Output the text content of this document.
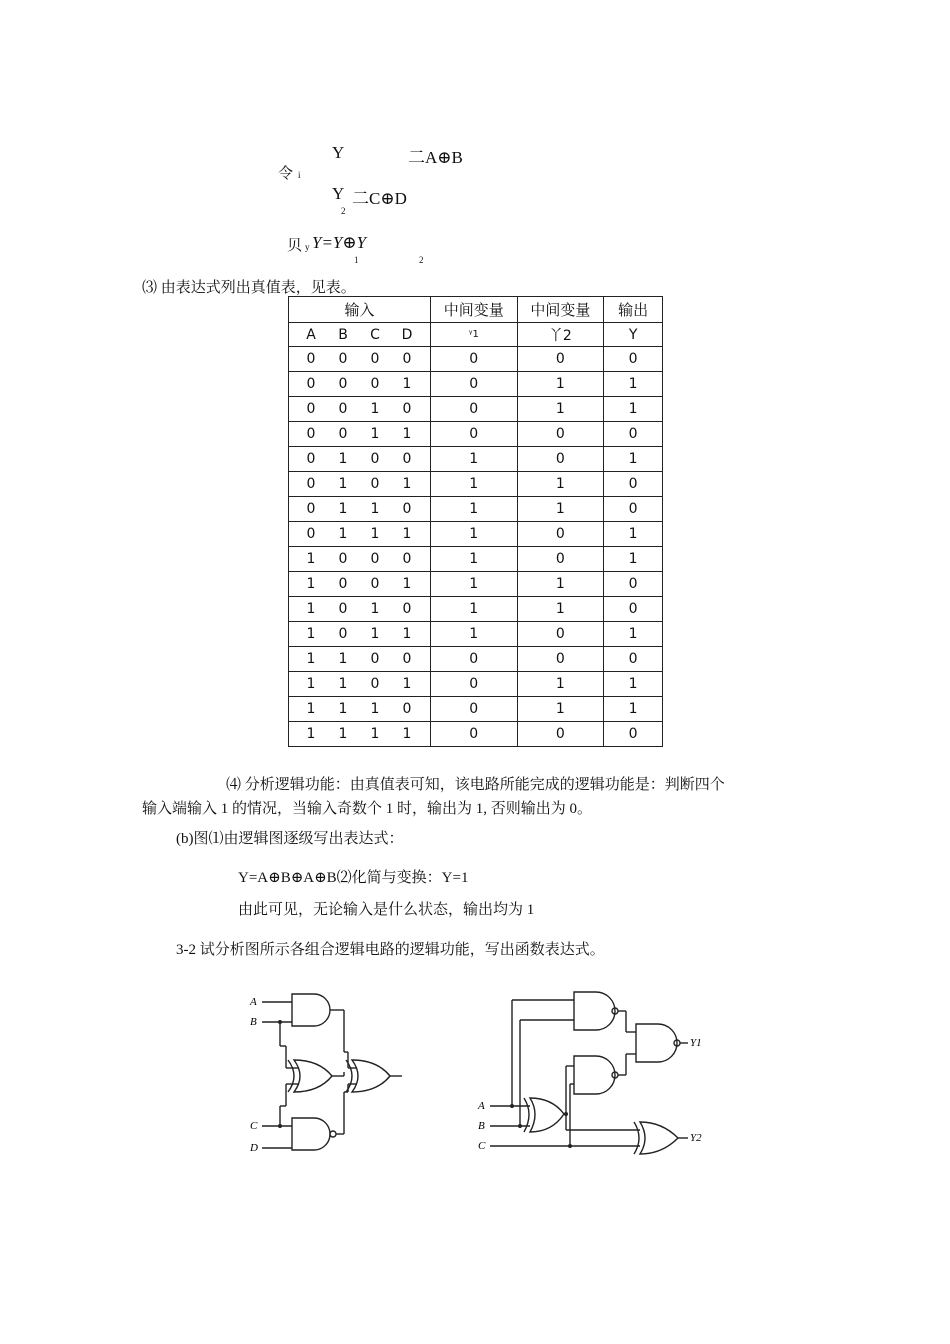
Y	二A⊕B
令 i
Y 二C⊕D
2
贝 y Y=Y⊕Y
1	2
⑶ 由表达式列出真值表，见表。
输入	中间变量	中间变量	输出

A B C D	ᵞ1	丫2	Y

0 0 0 0	0	0	0

0 0 0 1	0	1	1

0 0 1 0	0	1	1

0 0 1 1	0	0	0

0 1 0 0	1	0	1

0 1 0 1	1	1	0

0 1 1 0	1	1	0

0 1 1 1	1	0	1

1 0 0 0	1	0	1

1 0 0 1	1	1	0

1 0 1 0	1	1	0

1 0 1 1	1	0	1

1 1 0 0	0	0	0

1 1 0 1	0	1	1

1 1 1 0	0	1	1

1 1 1 1	0	0	0
⑷ 分析逻辑功能：由真值表可知，该电路所能完成的逻辑功能是：判断四个
输入端输入 1 的情况，当输入奇数个 1 时，输出为 1, 否则输出为 0。
(b)图⑴由逻辑图逐级写出表达式：
Y=A⊕B⊕A⊕B⑵化简与变换：Y=1
由此可见，无论输入是什么状态，输出均为 1
3-2 试分析图所示各组合逻辑电路的逻辑功能，写出函数表达式。
A
B
C
D
A
B
C
Y1
Y2
